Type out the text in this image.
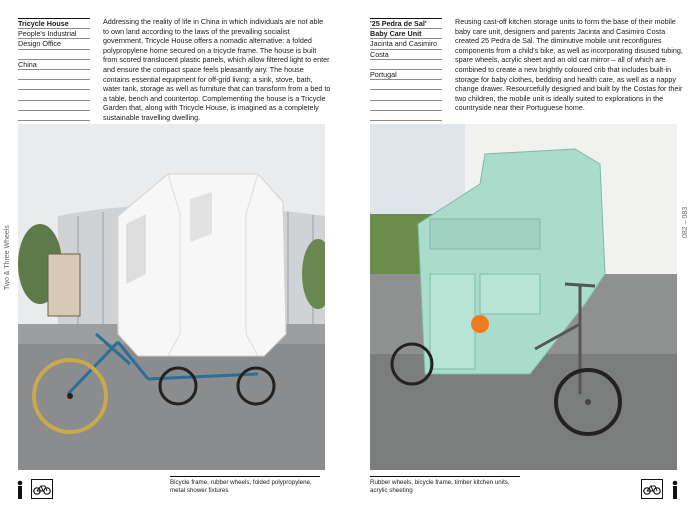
Tricycle House
People's Industrial
Design Office
China
Addressing the reality of life in China in which individuals are not able to own land according to the laws of the prevailing socialist government, Tricycle House offers a nomadic alternative: a folded polypropylene home secured on a tricycle frame. The house is built from scored translucent plastic panels, which allow filtered light to enter and ensure the compact space feels pleasantly airy. The house contains essential equipment for off-grid living: a sink, stove, bath, water tank, storage as well as furniture that can transform from a bed to a table, bench and countertop. Complementing the house is a Tricycle Garden that, along with Tricycle House, is imagined as a completely sustainable travelling dwelling.
Two & Three Wheels
Bicycle frame, rubber wheels, folded polypropylene, metal shower fixtures
'25 Pedra de Sal'
Baby Care Unit
Jacinta and Casimiro
Costa
Portugal
Reusing cast-off kitchen storage units to form the base of their mobile baby care unit, designers and parents Jacinta and Casimiro Costa created 25 Pedra de Sal. The diminutive mobile unit reconfigures components from a child's bike, as well as incorporating disused tubing, spare wheels, acrylic sheet and an old car mirror – all of which are combined to create a new brightly coloured crib that includes built-in storage for baby clothes, bedding and health care, as well as a nappy change drawer. Resourcefully designed and built by the Costas for their two children, the mobile unit is ideally suited to explorations in the countryside near their Portuguese home.
082 – 083
Rubber wheels, bicycle frame, timber kitchen units, acrylic sheeting
